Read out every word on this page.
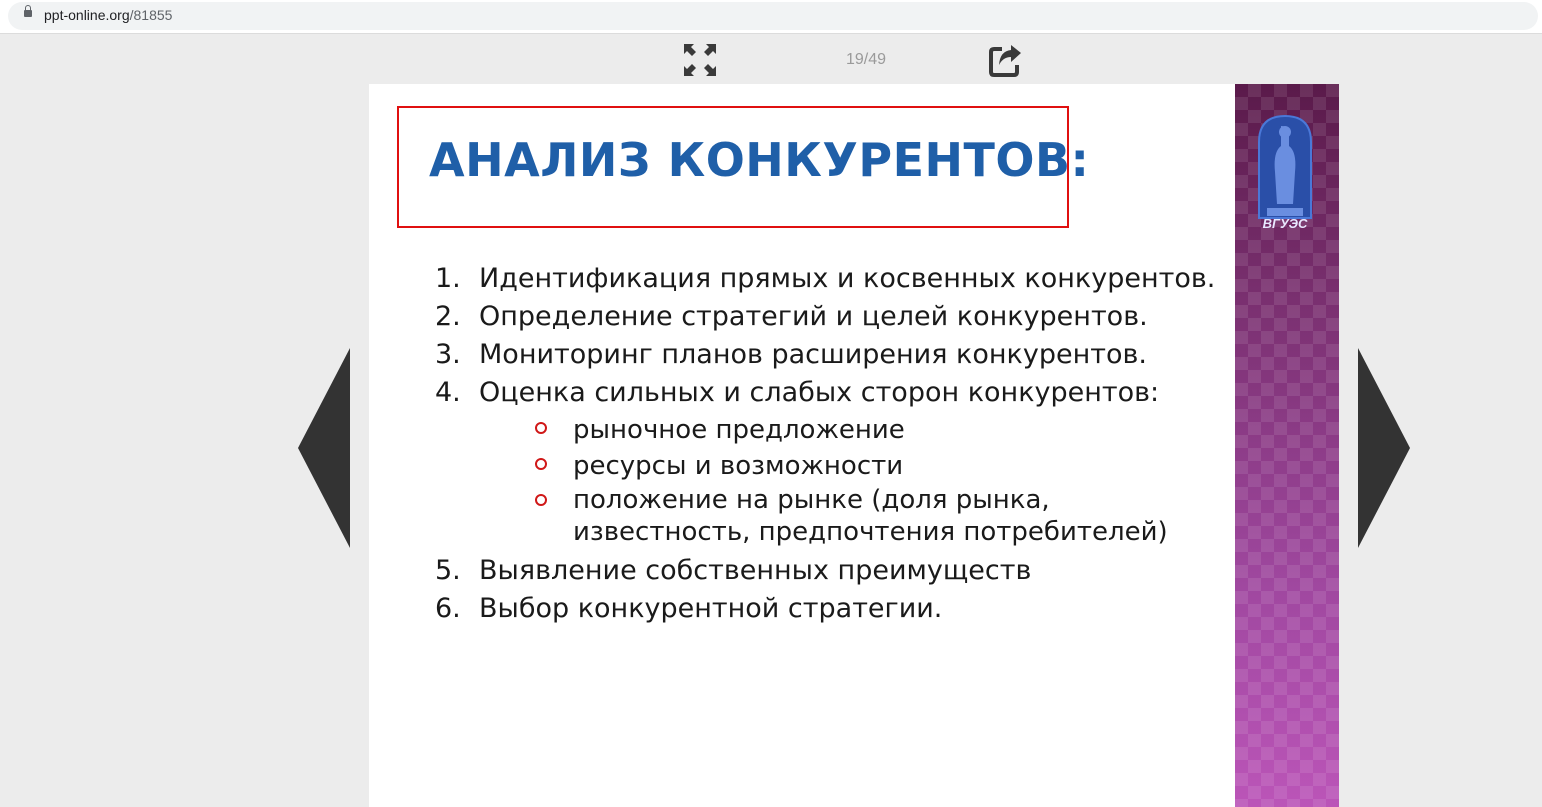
ppt-online.org/81855
19/49
ВГУЭС
АНАЛИЗ КОНКУРЕНТОВ:
1. Идентификация прямых и косвенных конкурентов.
2. Определение стратегий и целей конкурентов.
3. Мониторинг планов расширения конкурентов.
4. Оценка сильных и слабых сторон конкурентов:
рыночное предложение
ресурсы и возможности
положение на рынке (доля рынка,
известность, предпочтения потребителей)
5. Выявление собственных преимуществ
6. Выбор конкурентной стратегии.
